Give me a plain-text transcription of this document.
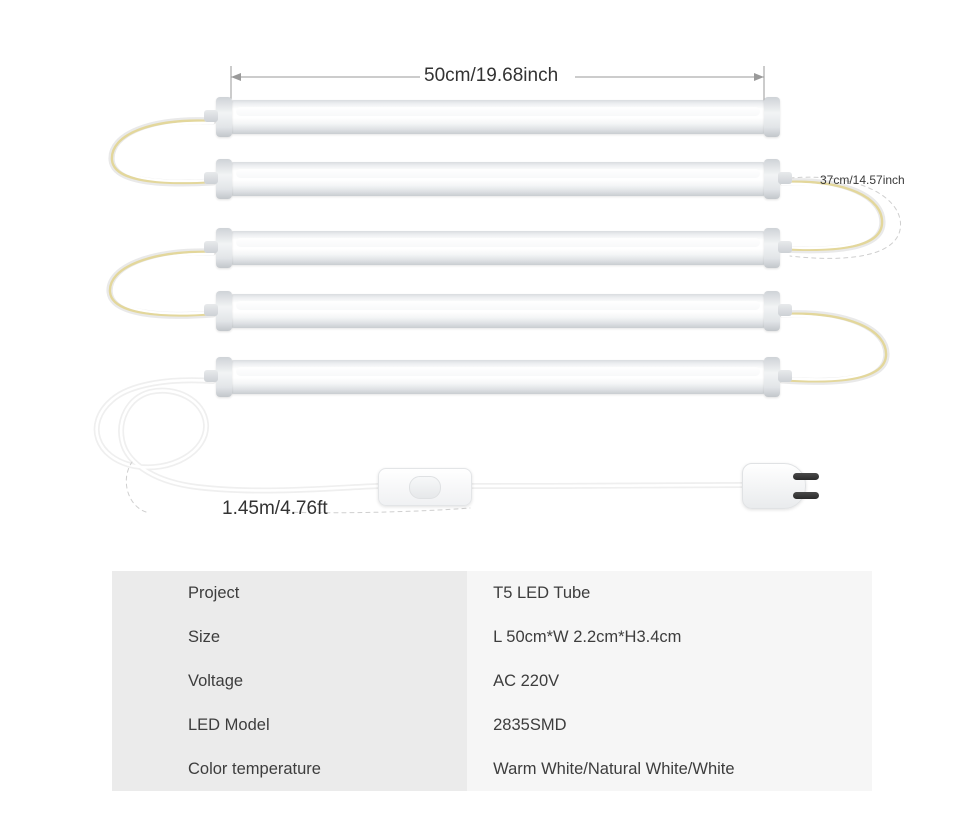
50cm/19.68inch
37cm/14.57inch
1.45m/4.76ft
Project	T5 LED Tube
Size	L 50cm*W 2.2cm*H3.4cm
Voltage	AC 220V
LED Model	2835SMD
Color temperature	Warm White/Natural White/White
